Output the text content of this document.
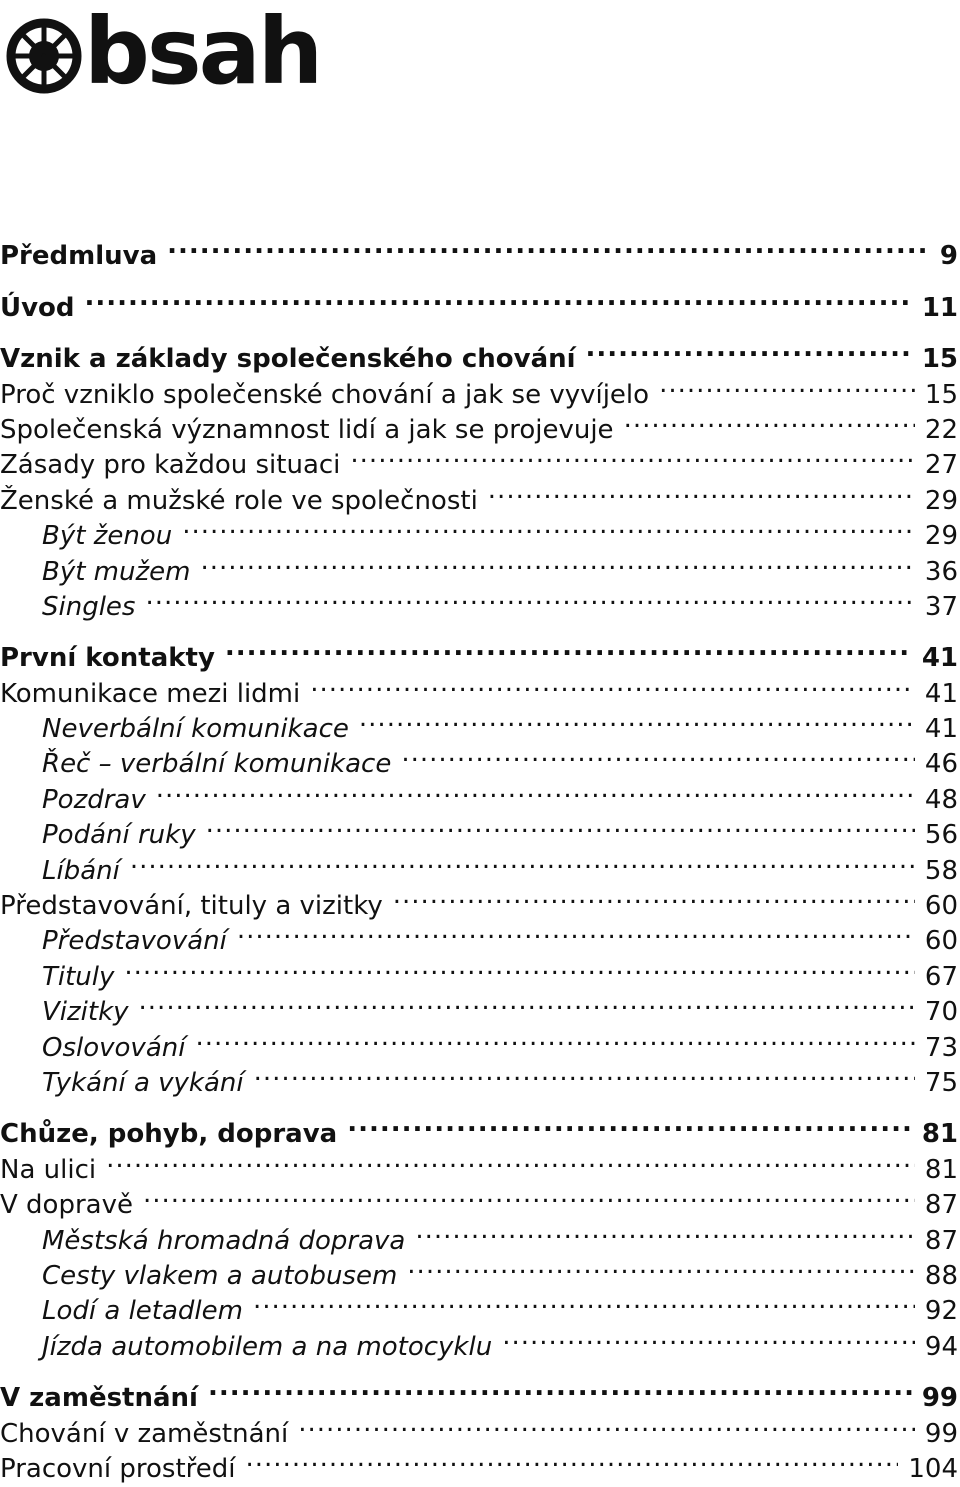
bsah
Předmluva .....	9
Úvod .....	11
Vznik a základy společenského chování .....	15
Proč vzniklo společenské chování a jak se vyvíjelo .....	15
Společenská významnost lidí a jak se projevuje .....	22
Zásady pro každou situaci .....	27
Ženské a mužské role ve společnosti .....	29
Být ženou .....	29
Být mužem .....	36
Singles .....	37
První kontakty .....	41
Komunikace mezi lidmi .....	41
Neverbální komunikace .....	41
Řeč – verbální komunikace .....	46
Pozdrav .....	48
Podání ruky .....	56
Líbání .....	58
Představování, tituly a vizitky .....	60
Představování .....	60
Tituly .....	67
Vizitky .....	70
Oslovování .....	73
Tykání a vykání .....	75
Chůze, pohyb, doprava .....	81
Na ulici .....	81
V dopravě .....	87
Městská hromadná doprava .....	87
Cesty vlakem a autobusem .....	88
Lodí a letadlem .....	92
Jízda automobilem a na motocyklu .....	94
V zaměstnání .....	99
Chování v zaměstnání .....	99
Pracovní prostředí .....	104
